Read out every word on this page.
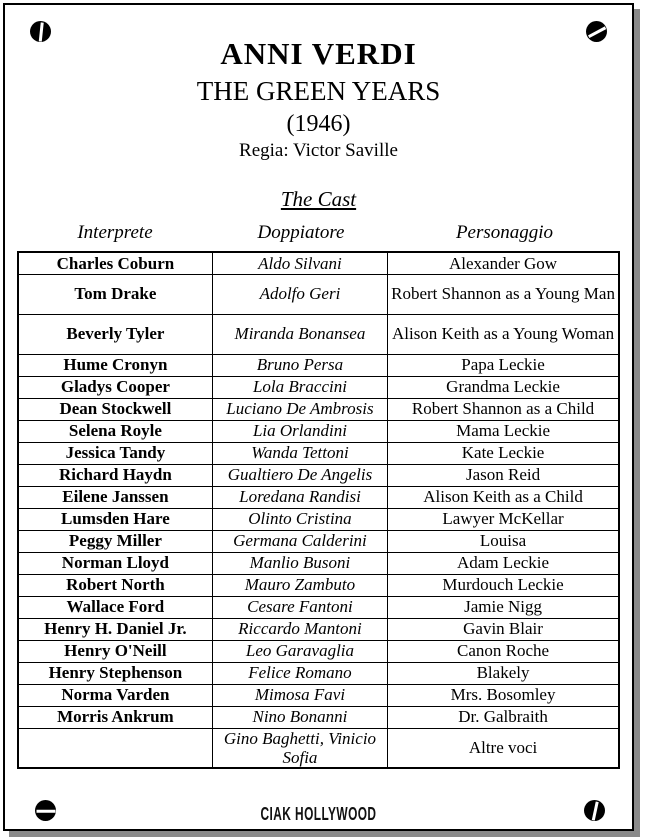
ANNI VERDI
THE GREEN YEARS
(1946)
Regia: Victor Saville
The Cast
Interprete	Doppiatore	Personaggio
Charles Coburn	Aldo Silvani	Alexander Gow
Tom Drake	Adolfo Geri	Robert Shannon as a Young Man
Beverly Tyler	Miranda Bonansea	Alison Keith as a Young Woman
Hume Cronyn	Bruno Persa	Papa Leckie
Gladys Cooper	Lola Braccini	Grandma Leckie
Dean Stockwell	Luciano De Ambrosis	Robert Shannon as a Child
Selena Royle	Lia Orlandini	Mama Leckie
Jessica Tandy	Wanda Tettoni	Kate Leckie
Richard Haydn	Gualtiero De Angelis	Jason Reid
Eilene Janssen	Loredana Randisi	Alison Keith as a Child
Lumsden Hare	Olinto Cristina	Lawyer McKellar
Peggy Miller	Germana Calderini	Louisa
Norman Lloyd	Manlio Busoni	Adam Leckie
Robert North	Mauro Zambuto	Murdouch Leckie
Wallace Ford	Cesare Fantoni	Jamie Nigg
Henry H. Daniel Jr.	Riccardo Mantoni	Gavin Blair
Henry O'Neill	Leo Garavaglia	Canon Roche
Henry Stephenson	Felice Romano	Blakely
Norma Varden	Mimosa Favi	Mrs. Bosomley
Morris Ankrum	Nino Bonanni	Dr. Galbraith
	Gino Baghetti, Vinicio Sofia	Altre voci
CIAK HOLLYWOOD
